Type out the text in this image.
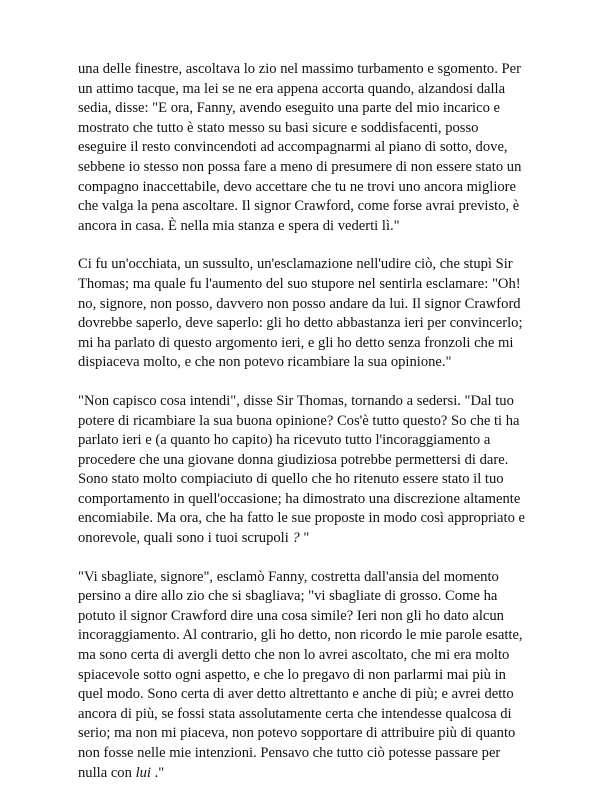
una delle finestre, ascoltava lo zio nel massimo turbamento e sgomento. Per un attimo tacque, ma lei se ne era appena accorta quando, alzandosi dalla sedia, disse: "E ora, Fanny, avendo eseguito una parte del mio incarico e mostrato che tutto è stato messo su basi sicure e soddisfacenti, posso eseguire il resto convincendoti ad accompagnarmi al piano di sotto, dove, sebbene io stesso non possa fare a meno di presumere di non essere stato un compagno inaccettabile, devo accettare che tu ne trovi uno ancora migliore che valga la pena ascoltare. Il signor Crawford, come forse avrai previsto, è ancora in casa. È nella mia stanza e spera di vederti lì."

Ci fu un'occhiata, un sussulto, un'esclamazione nell'udire ciò, che stupì Sir Thomas; ma quale fu l'aumento del suo stupore nel sentirla esclamare: "Oh! no, signore, non posso, davvero non posso andare da lui. Il signor Crawford dovrebbe saperlo, deve saperlo: gli ho detto abbastanza ieri per convincerlo; mi ha parlato di questo argomento ieri, e gli ho detto senza fronzoli che mi dispiaceva molto, e che non potevo ricambiare la sua opinione."

"Non capisco cosa intendi", disse Sir Thomas, tornando a sedersi. "Dal tuo potere di ricambiare la sua buona opinione? Cos'è tutto questo? So che ti ha parlato ieri e (a quanto ho capito) ha ricevuto tutto l'incoraggiamento a procedere che una giovane donna giudiziosa potrebbe permettersi di dare. Sono stato molto compiaciuto di quello che ho ritenuto essere stato il tuo comportamento in quell'occasione; ha dimostrato una discrezione altamente encomiabile. Ma ora, che ha fatto le sue proposte in modo così appropriato e onorevole, quali sono i tuoi scrupoli ? "

"Vi sbagliate, signore", esclamò Fanny, costretta dall'ansia del momento persino a dire allo zio che si sbagliava; "vi sbagliate di grosso. Come ha potuto il signor Crawford dire una cosa simile? Ieri non gli ho dato alcun incoraggiamento. Al contrario, gli ho detto, non ricordo le mie parole esatte, ma sono certa di avergli detto che non lo avrei ascoltato, che mi era molto spiacevole sotto ogni aspetto, e che lo pregavo di non parlarmi mai più in quel modo. Sono certa di aver detto altrettanto e anche di più; e avrei detto ancora di più, se fossi stata assolutamente certa che intendesse qualcosa di serio; ma non mi piaceva, non potevo sopportare di attribuire più di quanto non fosse nelle mie intenzioni. Pensavo che tutto ciò potesse passare per nulla con lui ."
